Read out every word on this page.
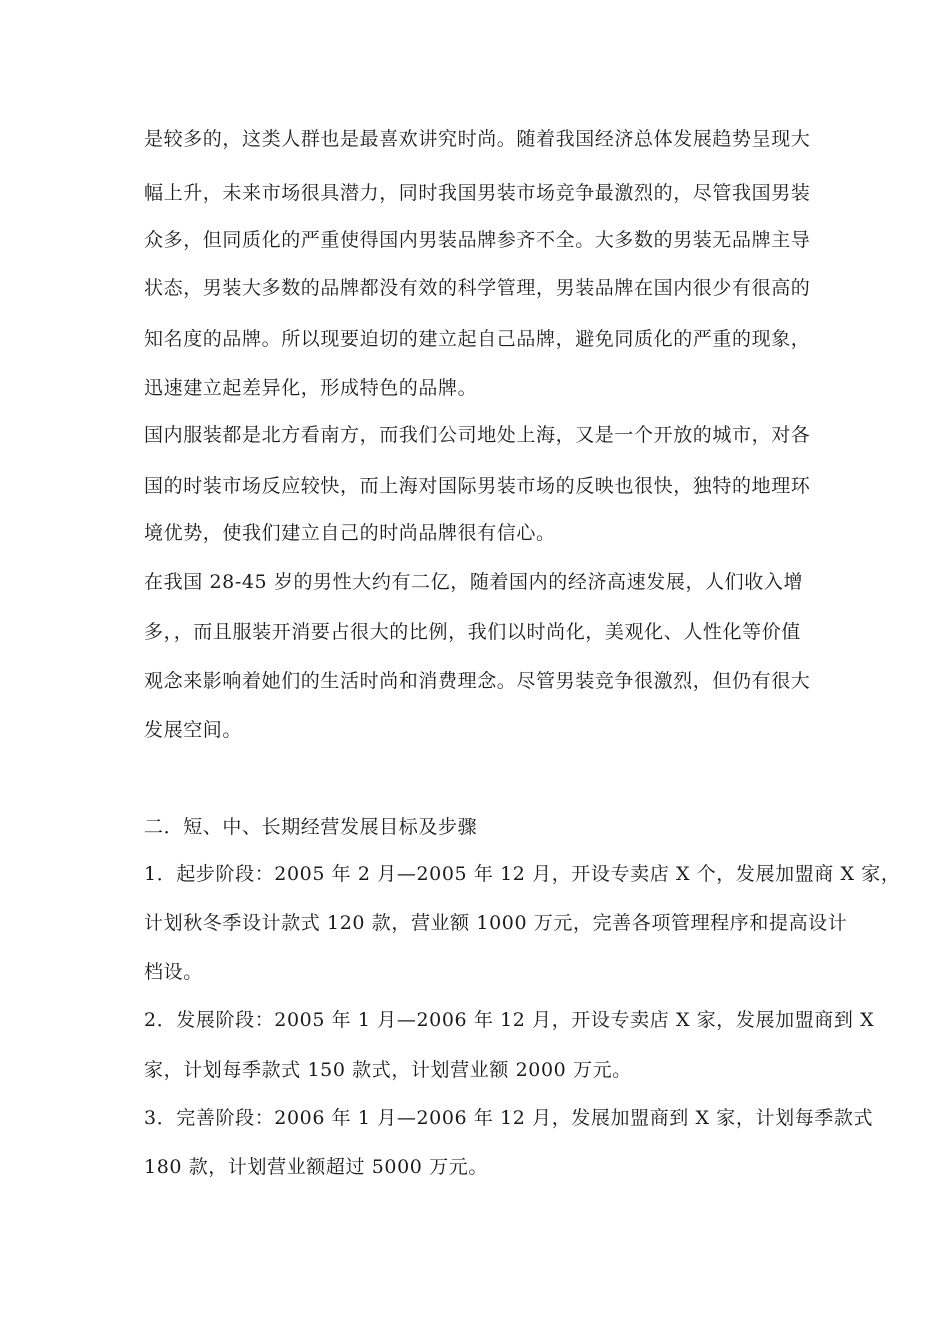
是较多的，这类人群也是最喜欢讲究时尚。随着我国经济总体发展趋势呈现大
幅上升，未来市场很具潜力，同时我国男装市场竞争最激烈的，尽管我国男装
众多，但同质化的严重使得国内男装品牌参齐不全。大多数的男装无品牌主导
状态，男装大多数的品牌都没有效的科学管理，男装品牌在国内很少有很高的
知名度的品牌。所以现要迫切的建立起自己品牌，避免同质化的严重的现象，
迅速建立起差异化，形成特色的品牌。
国内服装都是北方看南方，而我们公司地处上海，又是一个开放的城市，对各
国的时装市场反应较快，而上海对国际男装市场的反映也很快，独特的地理环
境优势，使我们建立自己的时尚品牌很有信心。
在我国 28-45 岁的男性大约有二亿，随着国内的经济高速发展，人们收入增
多，，而且服装开消要占很大的比例，我们以时尚化，美观化、人性化等价值
观念来影响着她们的生活时尚和消费理念。尽管男装竞争很激烈，但仍有很大
发展空间。
二．短、中、长期经营发展目标及步骤
1．起步阶段：2005 年 2 月—2005 年 12 月，开设专卖店 X 个，发展加盟商 X 家，
计划秋冬季设计款式 120 款，营业额 1000 万元，完善各项管理程序和提高设计
档设。
2．发展阶段：2005 年 1 月—2006 年 12 月，开设专卖店 X 家，发展加盟商到 X
家，计划每季款式 150 款式，计划营业额 2000 万元。
3．完善阶段：2006 年 1 月—2006 年 12 月，发展加盟商到 X 家，计划每季款式
180 款，计划营业额超过 5000 万元。
